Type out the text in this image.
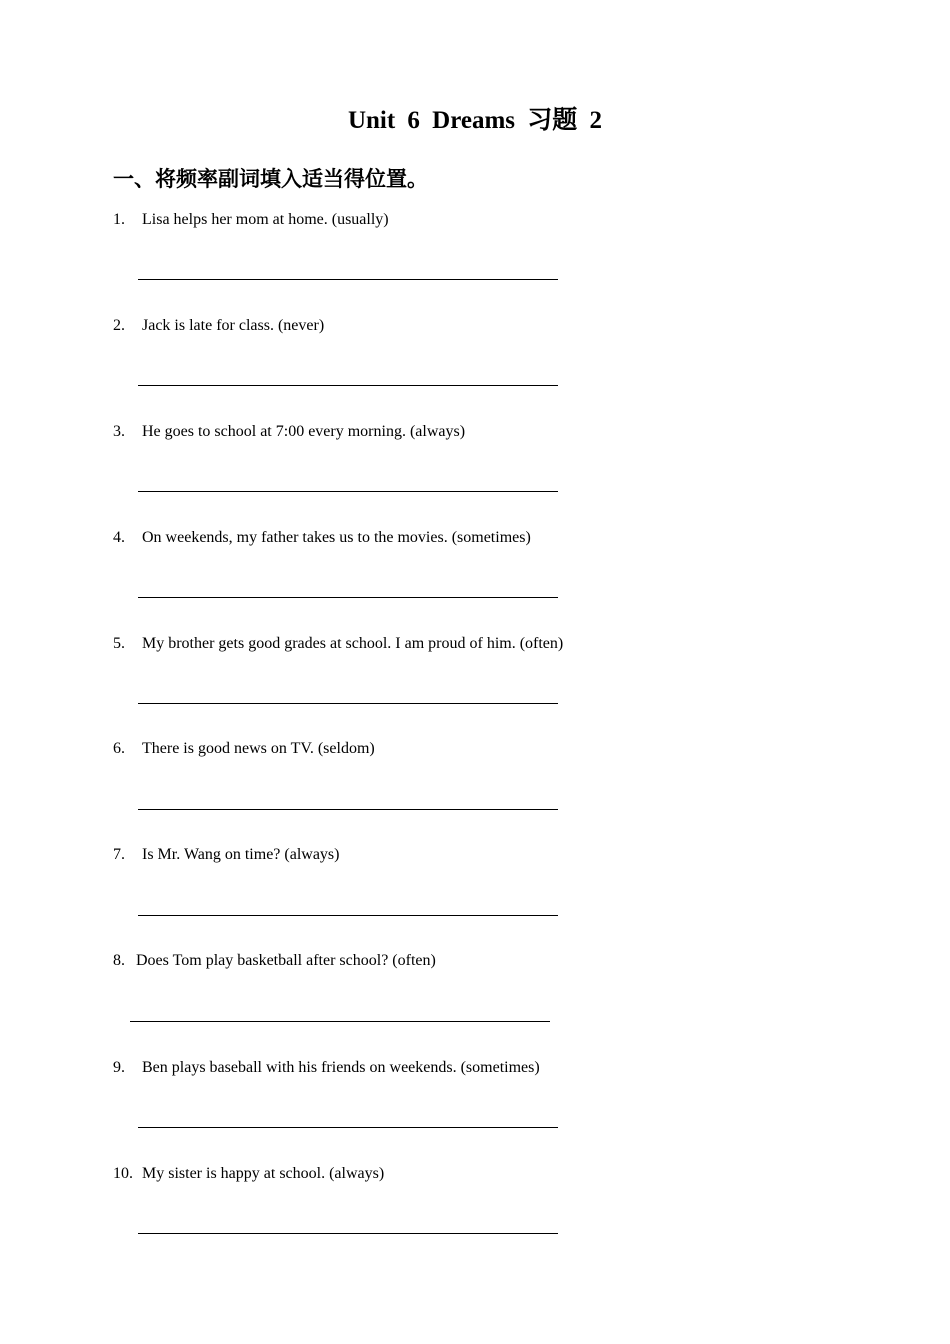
Unit 6 Dreams 习题 2
一、将频率副词填入适当得位置。
1. Lisa helps her mom at home. (usually)
2. Jack is late for class. (never)
3. He goes to school at 7:00 every morning. (always)
4. On weekends, my father takes us to the movies. (sometimes)
5. My brother gets good grades at school. I am proud of him. (often)
6. There is good news on TV. (seldom)
7. Is Mr. Wang on time? (always)
8. Does Tom play basketball after school? (often)
9. Ben plays baseball with his friends on weekends. (sometimes)
10. My sister is happy at school. (always)
